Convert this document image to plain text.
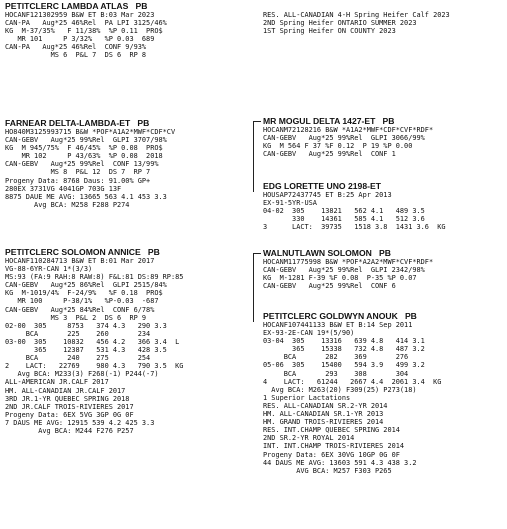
PETITCLERC LAMBDA ATLAS   PB
HOCANF121302959 B&W ET B:03 Mar 2023
CAN-PA   Aug*25 46%Rel  PA LPI 3125/46%
KG  M-37/35%   F 11/38%  %P 0.11  PRO$
MR 101     P 3/32%   %P 0.03  689
CAN-PA   Aug*25 46%Rel  CONF 9/93%
MS 6  P&L 7  DS 6  RP 8
RES. ALL-CANADIAN 4-H Spring Heifer Calf 2023
2ND Spring Heifer ONTARIO SUMMER 2023
1ST Spring Heifer ON COUNTY 2023
FARNEAR DELTA-LAMBDA-ET   PB
HO840M3125993715 B&W *POF*A1A2*MWF*CDF*CV
CAN-GEBV   Aug*25 99%Rel  GLPI 3707/98%
KG  M 945/75%  F 46/45%  %P 0.08  PRO$
MR 102     P 43/63%  %P 0.08  2018
CAN-GEBV   Aug*25 99%Rel  CONF 13/99%
MS 8  P&L 12  DS 7  RP 7
Progeny Data: 8768 Daus: 91.00% GP+
280EX 3731VG 4041GP 703G 13F
8875 DAUE ME AVG: 13665 563 4.1 453 3.3
Avg BCA: M258 F288 P274
MR MOGUL DELTA 1427-ET   PB
HOCANM72128216 B&W *A1A2*MWF*CDF*CVF*RDF*
CAN-GEBV   Aug*25 99%Rel  GLPI 3066/99%
KG  M 564 F 37 %F 0.12  P 19 %P 0.00
CAN-GEBV   Aug*25 99%Rel  CONF 1
EDG LORETTE UNO 2198-ET
HOUSAP72437745 ET B:25 Apr 2013
EX-91-5YR-USA
04-02  305    13821   562 4.1   489 3.5
330    14361   585 4.1   512 3.6
3      LACT:  39735   1518 3.8  1431 3.6  KG
PETITCLERC SOLOMON ANNICE   PB
HOCANF110284713 B&W ET B:01 Mar 2017
VG-88-6YR-CAN 1*(3/3)
MS:93 (FA:9 RAH:8 RAW:8) F&L:81 DS:89 RP:85
CAN-GEBV   Aug*25 86%Rel  GLPI 2515/84%
KG  M-1019/4%  F-24/9%   %F 0.18  PRO$
MR 100     P-38/1%   %P-0.03  -687
CAN-GEBV   Aug*25 84%Rel  CONF 6/78%
MS 3  P&L 2  DS 6  RP 9
02-00  305     8753   374 4.3   290 3.3
BCA       225    260       234
03-00  305    10832   456 4.2   366 3.4  L
365    12387   531 4.3   428 3.5
BCA       240    275       254
2    LACT:   22769    980 4.3   790 3.5  KG
Avg BCA: M233(3) F268(-1) P244(-7)
ALL-AMERICAN JR.CALF 2017
HM. ALL-CANADIAN JR.CALF 2017
3RD JR.1-YR QUEBEC SPRING 2018
2ND JR.CALF TROIS-RIVIERES 2017
Progeny Data: 6EX 5VG 3GP 0G 0F
7 DAUS ME AVG: 12915 539 4.2 425 3.3
Avg BCA: M244 F276 P257
WALNUTLAWN SOLOMON   PB
HOCANM11775998 B&W *POF*A2A2*MWF*CVF*RDF*
CAN-GEBV   Aug*25 99%Rel  GLPI 2342/98%
KG  M-1281 F-39 %F 0.08  P-35 %P 0.07
CAN-GEBV   Aug*25 99%Rel  CONF 6
PETITCLERC GOLDWYN ANOUK   PB
HOCANF107441133 B&W ET B:14 Sep 2011
EX-93-2E-CAN 19*(5/90)
03-04  305    13316   639 4.8   414 3.1
365    15338   732 4.8   487 3.2
BCA       282    369       276
05-06  305    15400   594 3.9   499 3.2
BCA       293    308       304
4    LACT:   61244   2667 4.4  2061 3.4  KG
Avg BCA: M263(20) F309(25) P273(18)
1 Superior Lactations
RES. ALL-CANADIAN SR.2-YR 2014
HM. ALL-CANADIAN SR.1-YR 2013
HM. GRAND TROIS-RIVIERES 2014
RES. INT.CHAMP QUEBEC SPRING 2014
2ND SR.2-YR ROYAL 2014
INT. INT.CHAMP TROIS-RIVIERES 2014
Progeny Data: 6EX 30VG 10GP 0G 0F
44 DAUS ME AVG: 13603 591 4.3 438 3.2
AVG BCA: M257 F303 P265
